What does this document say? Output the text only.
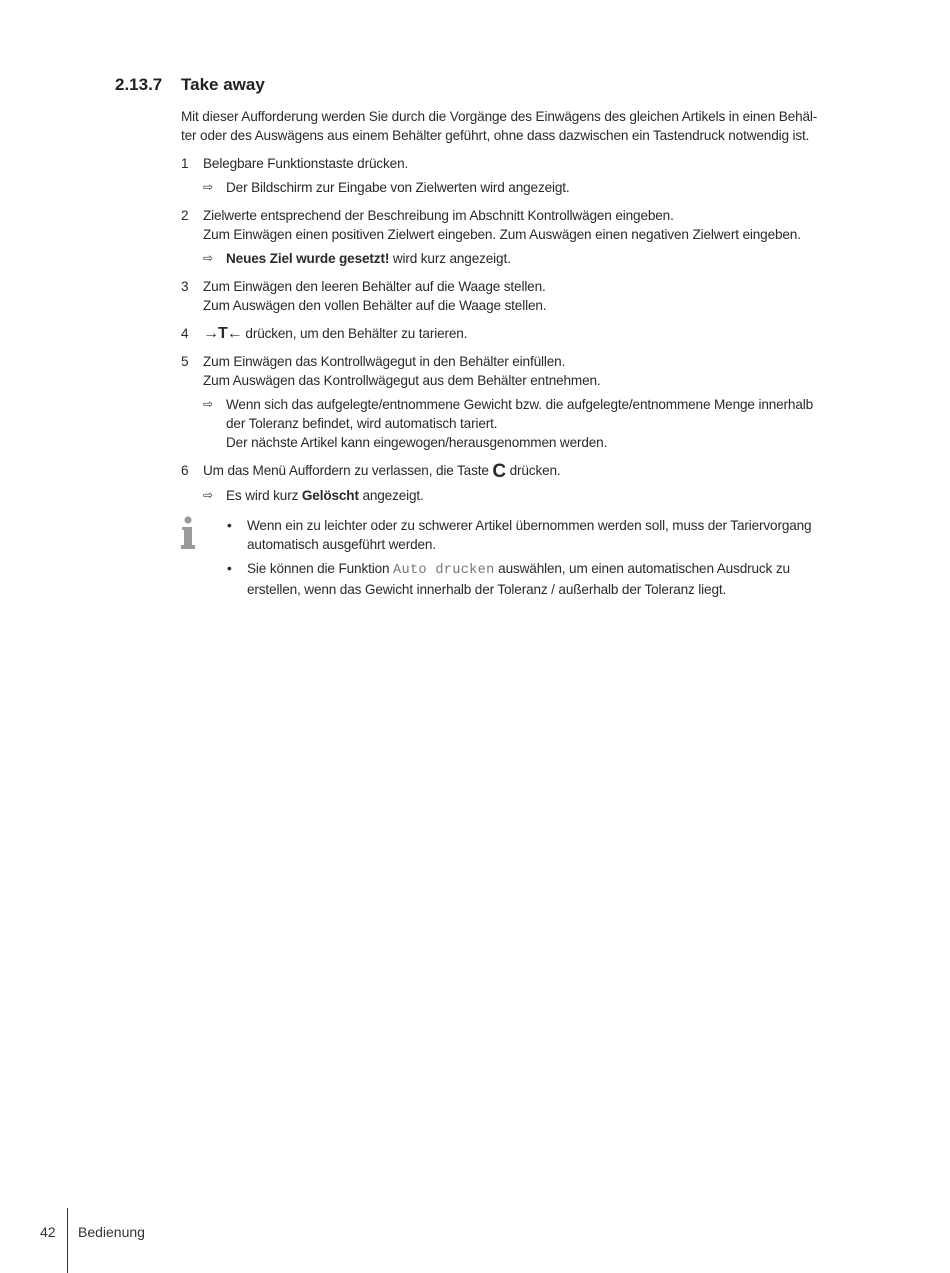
2.13.7 Take away

Mit dieser Aufforderung werden Sie durch die Vorgänge des Einwägens des gleichen Artikels in einen Behäl-
ter oder des Auswägens aus einem Behälter geführt, ohne dass dazwischen ein Tastendruck notwendig ist.

1 Belegbare Funktionstaste drücken.
⇨ Der Bildschirm zur Eingabe von Zielwerten wird angezeigt.
2 Zielwerte entsprechend der Beschreibung im Abschnitt Kontrollwägen eingeben.
Zum Einwägen einen positiven Zielwert eingeben. Zum Auswägen einen negativen Zielwert eingeben.
⇨ Neues Ziel wurde gesetzt! wird kurz angezeigt.
3 Zum Einwägen den leeren Behälter auf die Waage stellen.
Zum Auswägen den vollen Behälter auf die Waage stellen.
4 →T← drücken, um den Behälter zu tarieren.
5 Zum Einwägen das Kontrollwägegut in den Behälter einfüllen.
Zum Auswägen das Kontrollwägegut aus dem Behälter entnehmen.
⇨ Wenn sich das aufgelegte/entnommene Gewicht bzw. die aufgelegte/entnommene Menge innerhalb
der Toleranz befindet, wird automatisch tariert.
Der nächste Artikel kann eingewogen/herausgenommen werden.
6 Um das Menü Auffordern zu verlassen, die Taste C drücken.
⇨ Es wird kurz Gelöscht angezeigt.
• Wenn ein zu leichter oder zu schwerer Artikel übernommen werden soll, muss der Tariervorgang
automatisch ausgeführt werden.
• Sie können die Funktion Auto drucken auswählen, um einen automatischen Ausdruck zu
erstellen, wenn das Gewicht innerhalb der Toleranz / außerhalb der Toleranz liegt.
42 Bedienung
